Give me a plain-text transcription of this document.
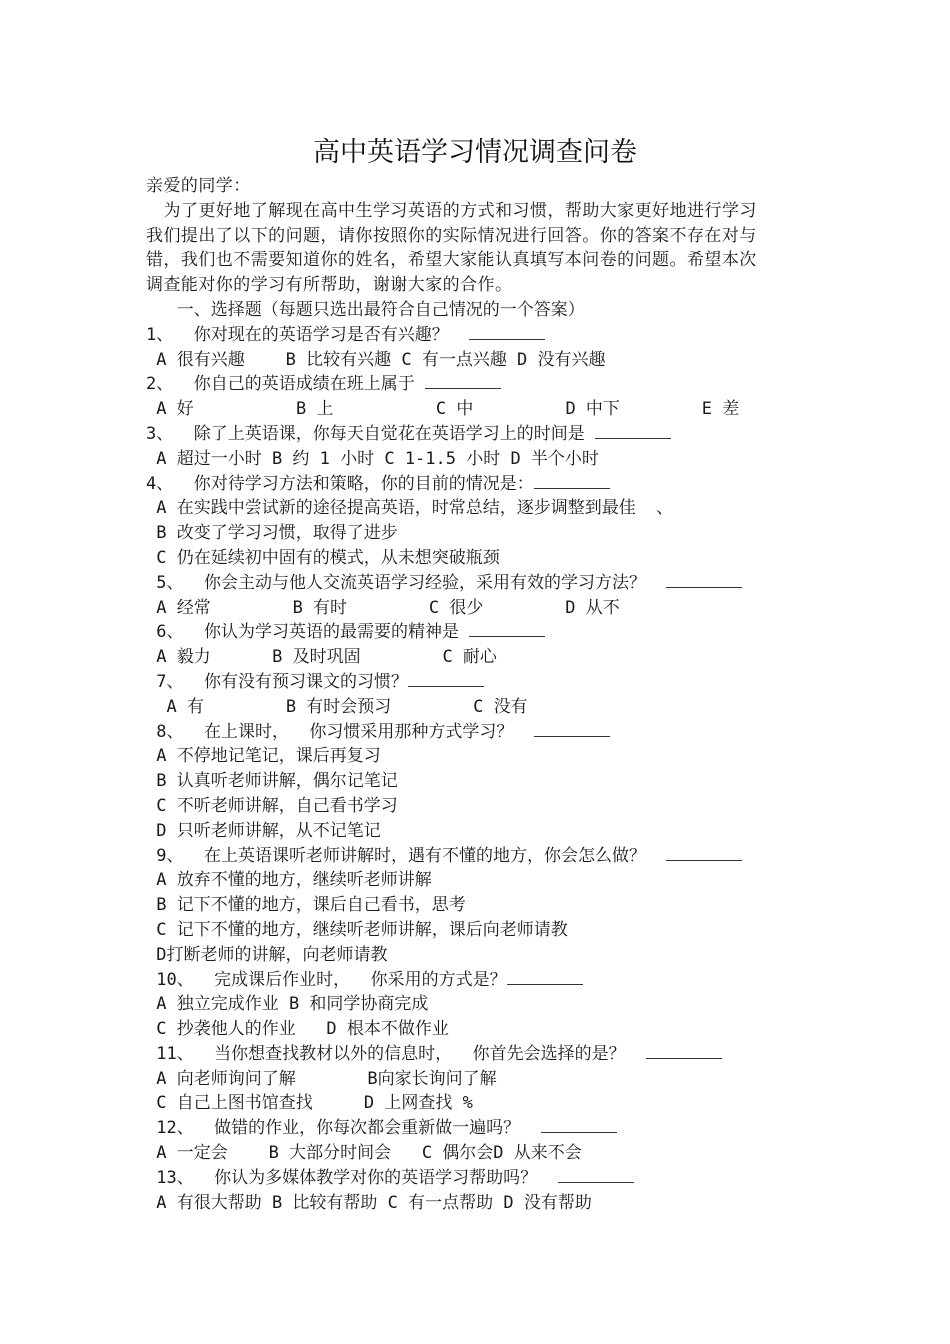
高中英语学习情况调查问卷
亲爱的同学：
为了更好地了解现在高中生学习英语的方式和习惯，帮助大家更好地进行学习
我们提出了以下的问题，请你按照你的实际情况进行回答。你的答案不存在对与
错，我们也不需要知道你的姓名，希望大家能认真填写本问卷的问题。希望本次
调查能对你的学习有所帮助，谢谢大家的合作。
一、选择题（每题只选出最符合自己情况的一个答案）
1、  你对现在的英语学习是否有兴趣？
A 很有兴趣    B 比较有兴趣 C 有一点兴趣 D 没有兴趣
2、  你自己的英语成绩在班上属于
A 好          B 上          C 中         D 中下        E 差
3、  除了上英语课，你每天自觉花在英语学习上的时间是
A 超过一小时 B 约 1 小时 C 1-1.5 小时 D 半个小时
4、  你对待学习方法和策略，你的目前的情况是：
A 在实践中尝试新的途径提高英语，时常总结，逐步调整到最佳  、
B 改变了学习习惯，取得了进步
C 仍在延续初中固有的模式，从未想突破瓶颈
5、  你会主动与他人交流英语学习经验，采用有效的学习方法？
A 经常        B 有时        C 很少        D 从不
6、  你认为学习英语的最需要的精神是
A 毅力      B 及时巩固        C 耐心
7、  你有没有预习课文的习惯？
A 有        B 有时会预习        C 没有
8、  在上课时，  你习惯采用那种方式学习？
A 不停地记笔记，课后再复习
B 认真听老师讲解，偶尔记笔记
C 不听老师讲解，自己看书学习
D 只听老师讲解，从不记笔记
9、  在上英语课听老师讲解时，遇有不懂的地方，你会怎么做？
A 放弃不懂的地方，继续听老师讲解
B 记下不懂的地方，课后自己看书，思考
C 记下不懂的地方，继续听老师讲解，课后向老师请教
D打断老师的讲解，向老师请教
10、  完成课后作业时，  你采用的方式是？
A 独立完成作业 B 和同学协商完成
C 抄袭他人的作业   D 根本不做作业
11、  当你想查找教材以外的信息时，  你首先会选择的是？
A 向老师询问了解       B向家长询问了解
C 自己上图书馆查找     D 上网查找 %
12、  做错的作业，你每次都会重新做一遍吗？
A 一定会    B 大部分时间会   C 偶尔会D 从来不会
13、  你认为多媒体教学对你的英语学习帮助吗？
A 有很大帮助 B 比较有帮助 C 有一点帮助 D 没有帮助
